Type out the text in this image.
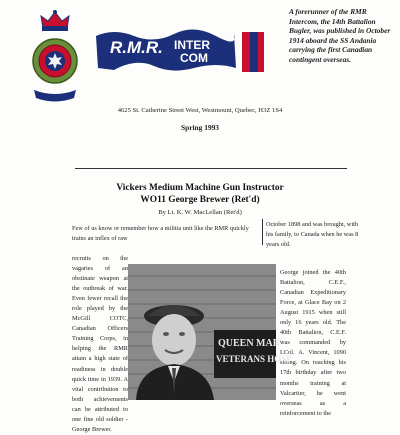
R.M.R. INTER
COM
A forerunner of the RMR Intercom, the 14th Battalion Bugler, was published in October 1914 aboard the SS Andania carrying the first Canadian contingent overseas.
4625 St. Catherine Street West, Westmount, Quebec, H3Z 1S4
Spring 1993
Vickers Medium Machine Gun Instructor
WO11 George Brewer (Ret'd)
By Lt. K. W. MacLellan (Ret'd)
Few of us know or remember how a militia unit like the RMR quickly trains an inflex of raw
October 1898 and was brought, with his family, to Canada when he was 8 years old.
recruits on the vagaries of an obstinate weapon at the outbreak of war. Even fewer recall the role played by the McGill COTC, Canadian Officers Training Corps, in helping the RMR attain a high state of readiness in double quick time in 1939. A vital contribution to both achievements can be attributed to one fine old soldier - George Brewer.
George joined the 40th Battalion, C.E.F., Canadian Expeditionary Force, at Glace Bay on 2 August 1915 when still only 16 years old. The 40th Battalion, C.E.F. was commanded by LCol. A. Vincent, 1090 strong. On reaching his 17th birthday after two months training at Valcartier, he went overseas as a reinforcement to the
QUEEN MAR
VETERANS HOSP
